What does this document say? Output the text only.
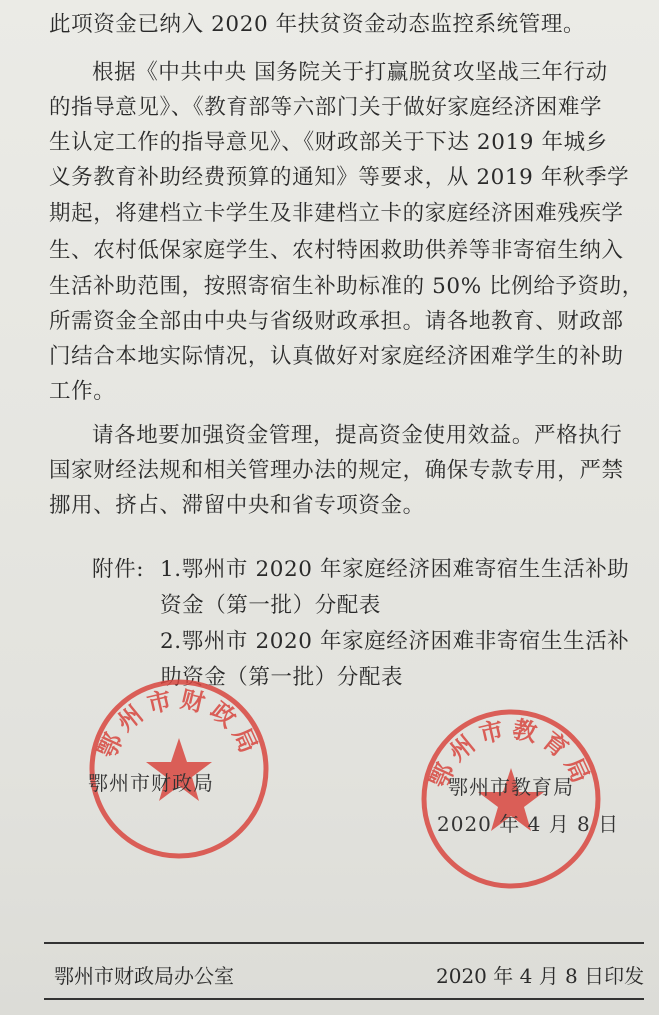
此项资金已纳入 2020 年扶贫资金动态监控系统管理。
根据《中共中央 国务院关于打赢脱贫攻坚战三年行动
的指导意见》、《教育部等六部门关于做好家庭经济困难学
生认定工作的指导意见》、《财政部关于下达 2019 年城乡
义务教育补助经费预算的通知》等要求，从 2019 年秋季学
期起，将建档立卡学生及非建档立卡的家庭经济困难残疾学
生、农村低保家庭学生、农村特困救助供养等非寄宿生纳入
生活补助范围，按照寄宿生补助标准的 50% 比例给予资助，
所需资金全部由中央与省级财政承担。请各地教育、财政部
门结合本地实际情况，认真做好对家庭经济困难学生的补助
工作。
请各地要加强资金管理，提高资金使用效益。严格执行
国家财经法规和相关管理办法的规定，确保专款专用，严禁
挪用、挤占、滞留中央和省专项资金。
附件: 1.鄂州市 2020 年家庭经济困难寄宿生生活补助
资金（第一批）分配表
2.鄂州市 2020 年家庭经济困难非寄宿生生活补
助资金（第一批）分配表
鄂州市财政局
鄂州市教育局
鄂州市财政局	鄂州市教育局
2020 年 4 月 8 日
鄂州市财政局办公室	2020 年 4 月 8 日印发
